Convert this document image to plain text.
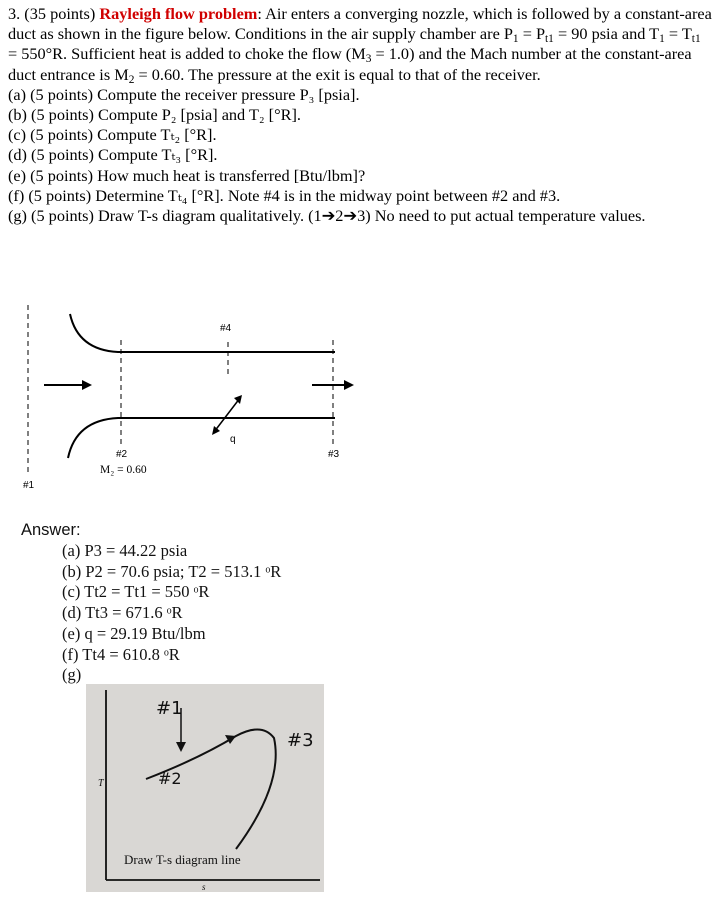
3. (35 points) Rayleigh flow problem: Air enters a converging nozzle, which is followed by a constant-area duct as shown in the figure below. Conditions in the air supply chamber are $P_1 = P_{t1} = 90$ psia and $T_1 = T_{t1} = 550^\circ R$. Sufficient heat is added to choke the flow $(M_3 = 1.0)$ and the Mach number at the constant-area duct entrance is $M_2 = 0.60$. The pressure at the exit is equal to that of the receiver.

(a) (5 points) Compute the receiver pressure P₃ [psia].

(b) (5 points) Compute P₂ [psia] and T₂ [°R].

(c) (5 points) Compute Tₜ₂ [°R].

(d) (5 points) Compute Tₜ₃ [°R].

(e) (5 points) How much heat is transferred [Btu/lbm]?

(f) (5 points) Determine Tₜ₄ [°R]. Note #4 is in the midway point between #2 and #3.

(g) (5 points) Draw T-s diagram qualitatively. (1➔2➔3) No need to put actual temperature values.

#1
#2	#3
#4
q
M₂ = 0.60
Answer:
(a) P3 = 44.22 psia
(b) P2 = 70.6 psia; T2 = 513.1 ᵒR
(c) Tt2 = Tt1 = 550 ᵒR
(d) Tt3 = 671.6 ᵒR
(e) q = 29.19 Btu/lbm
(f) Tt4 = 610.8 ᵒR
(g)
#1
#2
#3
T
s
Draw T-s diagram line
